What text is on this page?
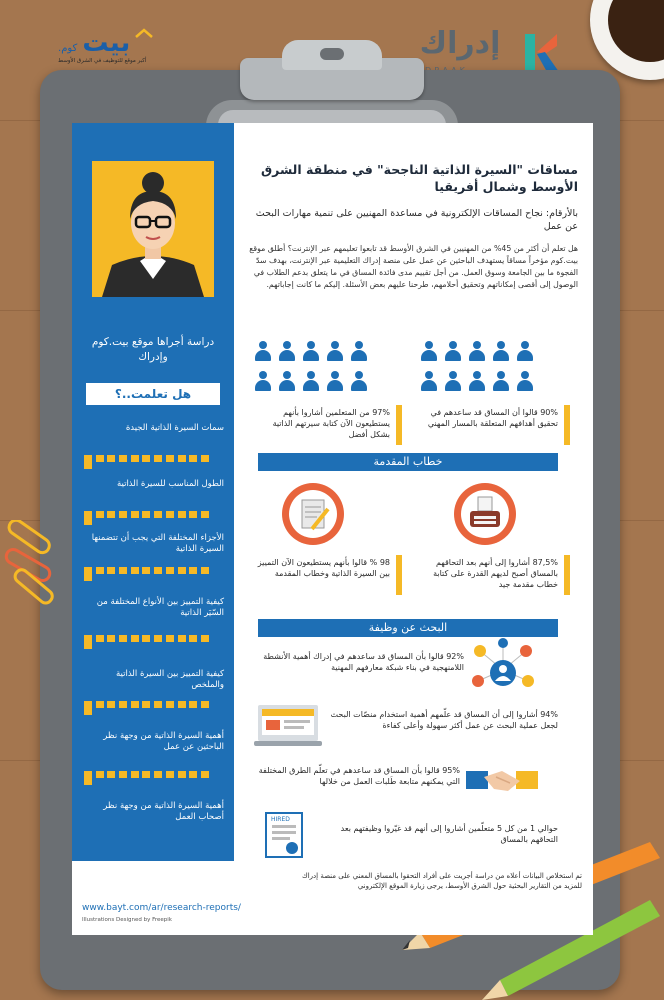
.كوم بيت
أكبر موقع للتوظيف في الشرق الأوسط	إدراك
دراسة أجراها موقع بيت.كوم وإدراك
هل تعلمت..؟
سمات السيرة الذاتية الجيدة
الطول المناسب للسيرة الذاتية
الأجزاء المختلفة التي يجب أن تتضمنها السيرة الذاتية
كيفية التمييز بين الأنواع المختلفة من السّيَر الذاتية
كيفية التمييز بين السيرة الذاتية والملخص
أهمية السيرة الذاتية من وجهة نظر الباحثين عن عمل
أهمية السيرة الذاتية من وجهة نظر أصحاب العمل
مساقات "السيرة الذاتية الناجحة" في منطقة الشرق الأوسط وشمال أفريقيا
بالأرقام: نجاح المساقات الإلكترونية في مساعدة المهنيين على تنمية مهارات البحث عن عمل
هل تعلم أن أكثر من 45% من المهنيين في الشرق الأوسط قد تابعوا تعليمهم عبر الإنترنت؟ أطلق موقع بيت.كوم مؤخراً مساقاً يستهدف الباحثين عن عمل على منصة إدراك التعليمية عبر الإنترنت، بهدف سدّ الفجوة ما بين الجامعة وسوق العمل. من أجل تقييم مدى فائدة المساق في ما يتعلق بدعم الطلاب في الوصول إلى أقصى إمكاناتهم وتحقيق أحلامهم، طرحنا عليهم بعض الأسئلة. إليكم ما كانت إجاباتهم.
97% من المتعلمين أشاروا بأنهم يستطيعون الآن كتابة سيرتهم الذاتية بشكل أفضل
90% قالوا أن المساق قد ساعدهم في تحقيق أهدافهم المتعلقة بالمسار المهني
خطاب المقدمة
98 % قالوا بأنهم يستطيعون الآن التمييز بين السيرة الذاتية وخطاب المقدمة
87,5% أشاروا إلى أنهم بعد التحاقهم بالمساق أصبح لديهم القدرة على كتابة خطاب مقدمة جيد
البحث عن وظيفة
92% قالوا بأن المساق قد ساعدهم في إدراك أهمية الأنشطة اللامنهجية في بناء شبكة معارفهم المهنية
94% أشاروا إلى أن المساق قد علّمهم أهمية استخدام منصّات البحث لجعل عملية البحث عن عمل أكثر سهولة وأعلى كفاءة
95% قالوا بأن المساق قد ساعدهم في تعلّم الطرق المختلفة التي يمكنهم متابعة طَلبات العمل من خلالها
HIRED
حوالي 1 من كل 5 متعلّمين أشاروا إلى أنهم قد غيّروا وظيفتهم بعد التحاقهم بالمساق
تم استخلاص البيانات أعلاه من دراسة أجريت على أفراد التحقوا بالمساق المعني على منصة إدراك
للمزيد من التقارير البحثية حول الشرق الأوسط، يرجى زيارة الموقع الإلكتروني
www.bayt.com/ar/research-reports/
Illustrations Designed by Freepik
